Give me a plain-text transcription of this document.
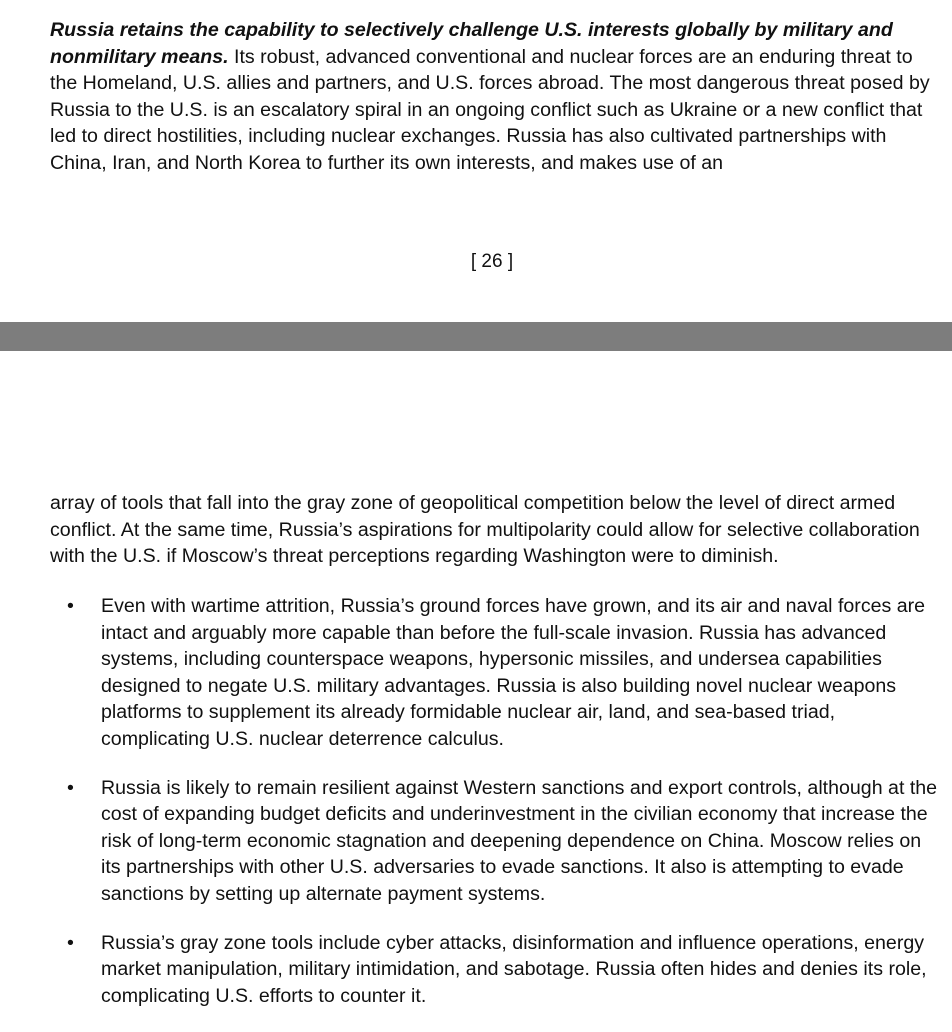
Russia retains the capability to selectively challenge U.S. interests globally by military and nonmilitary means. Its robust, advanced conventional and nuclear forces are an enduring threat to the Homeland, U.S. allies and partners, and U.S. forces abroad. The most dangerous threat posed by Russia to the U.S. is an escalatory spiral in an ongoing conflict such as Ukraine or a new conflict that led to direct hostilities, including nuclear exchanges. Russia has also cultivated partnerships with China, Iran, and North Korea to further its own interests, and makes use of an

[ 26 ]

array of tools that fall into the gray zone of geopolitical competition below the level of direct armed conflict. At the same time, Russia’s aspirations for multipolarity could allow for selective collaboration with the U.S. if Moscow’s threat perceptions regarding Washington were to diminish.

• Even with wartime attrition, Russia’s ground forces have grown, and its air and naval forces are intact and arguably more capable than before the full-scale invasion. Russia has advanced systems, including counterspace weapons, hypersonic missiles, and undersea capabilities designed to negate U.S. military advantages. Russia is also building novel nuclear weapons platforms to supplement its already formidable nuclear air, land, and sea-based triad, complicating U.S. nuclear deterrence calculus.
• Russia is likely to remain resilient against Western sanctions and export controls, although at the cost of expanding budget deficits and underinvestment in the civilian economy that increase the risk of long-term economic stagnation and deepening dependence on China. Moscow relies on its partnerships with other U.S. adversaries to evade sanctions. It also is attempting to evade sanctions by setting up alternate payment systems.
• Russia’s gray zone tools include cyber attacks, disinformation and influence operations, energy market manipulation, military intimidation, and sabotage. Russia often hides and denies its role, complicating U.S. efforts to counter it.
